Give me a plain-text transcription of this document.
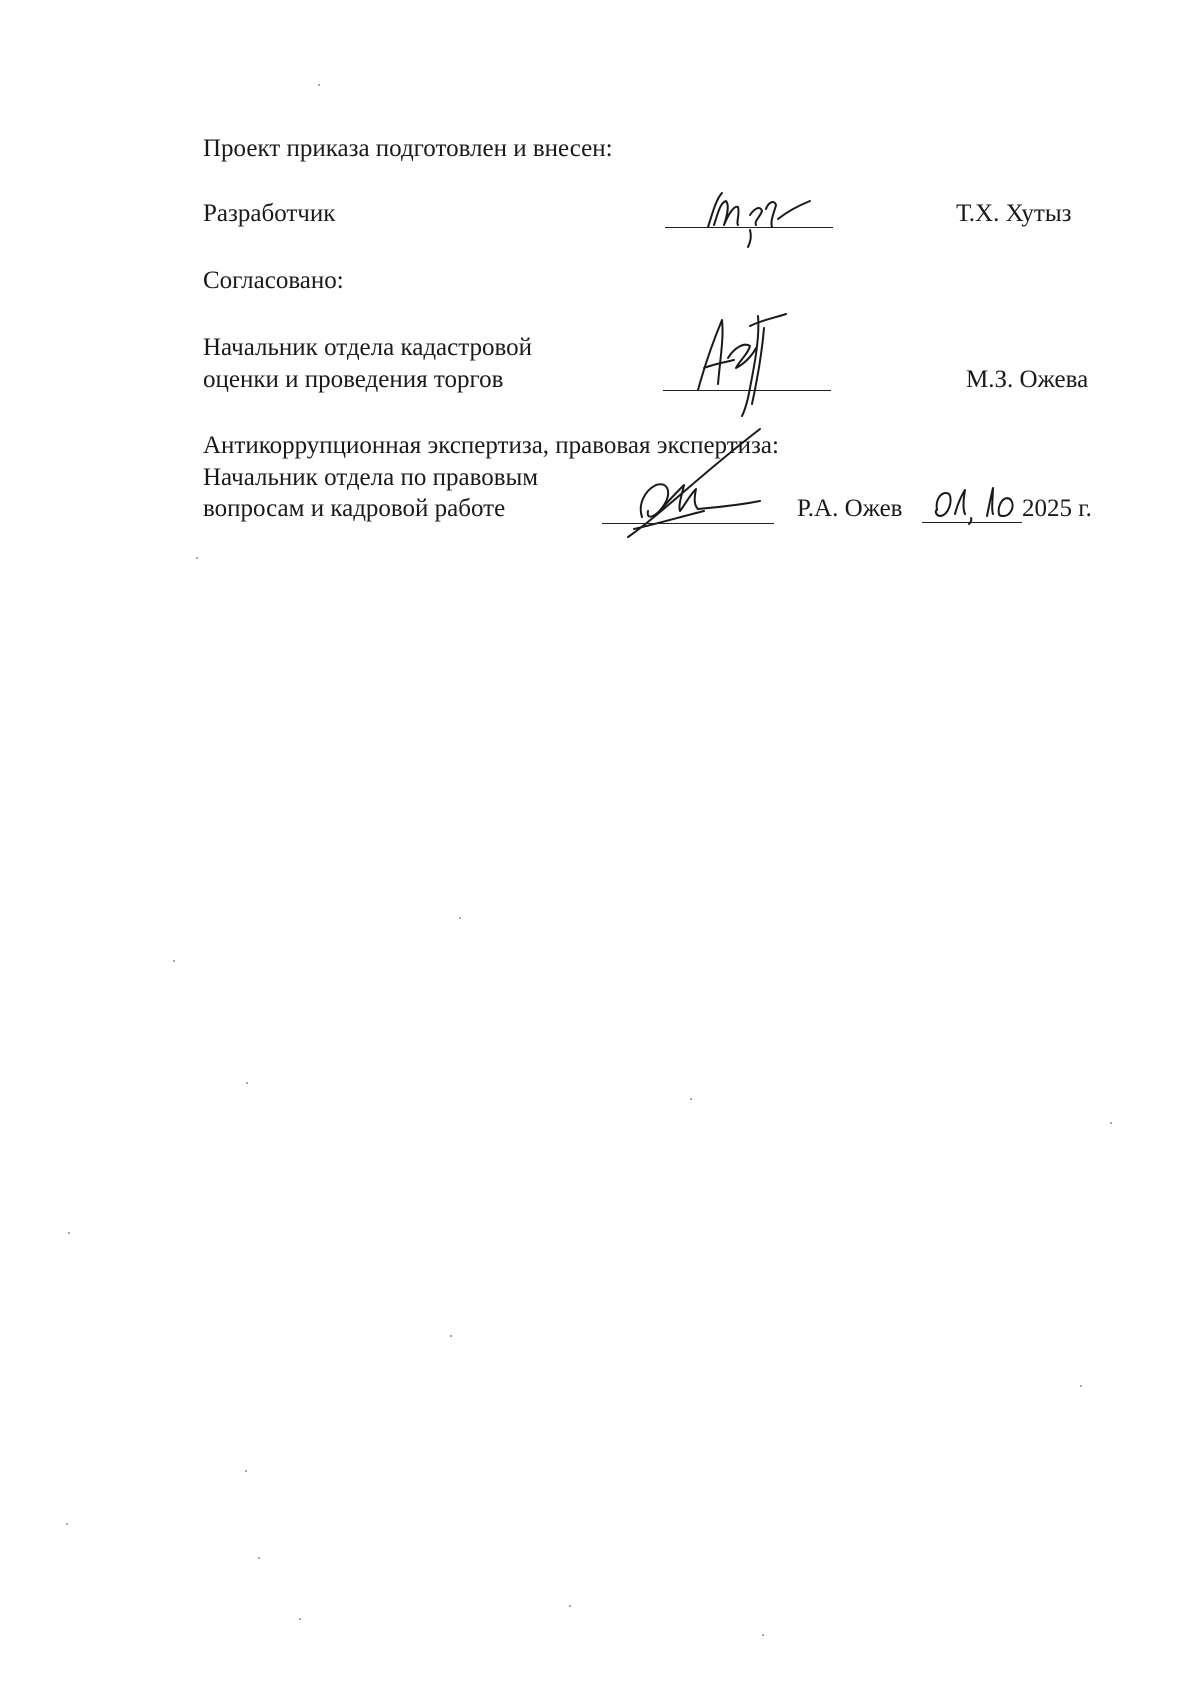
Проект приказа подготовлен и внесен:
Разработчик	Т.Х. Хутыз
Согласовано:
Начальник отдела кадастровой
оценки и проведения торгов	М.З. Ожева
Антикоррупционная экспертиза, правовая экспертиза:
Начальник отдела по правовым
вопросам и кадровой работе	Р.А. Ожев	2025 г.
